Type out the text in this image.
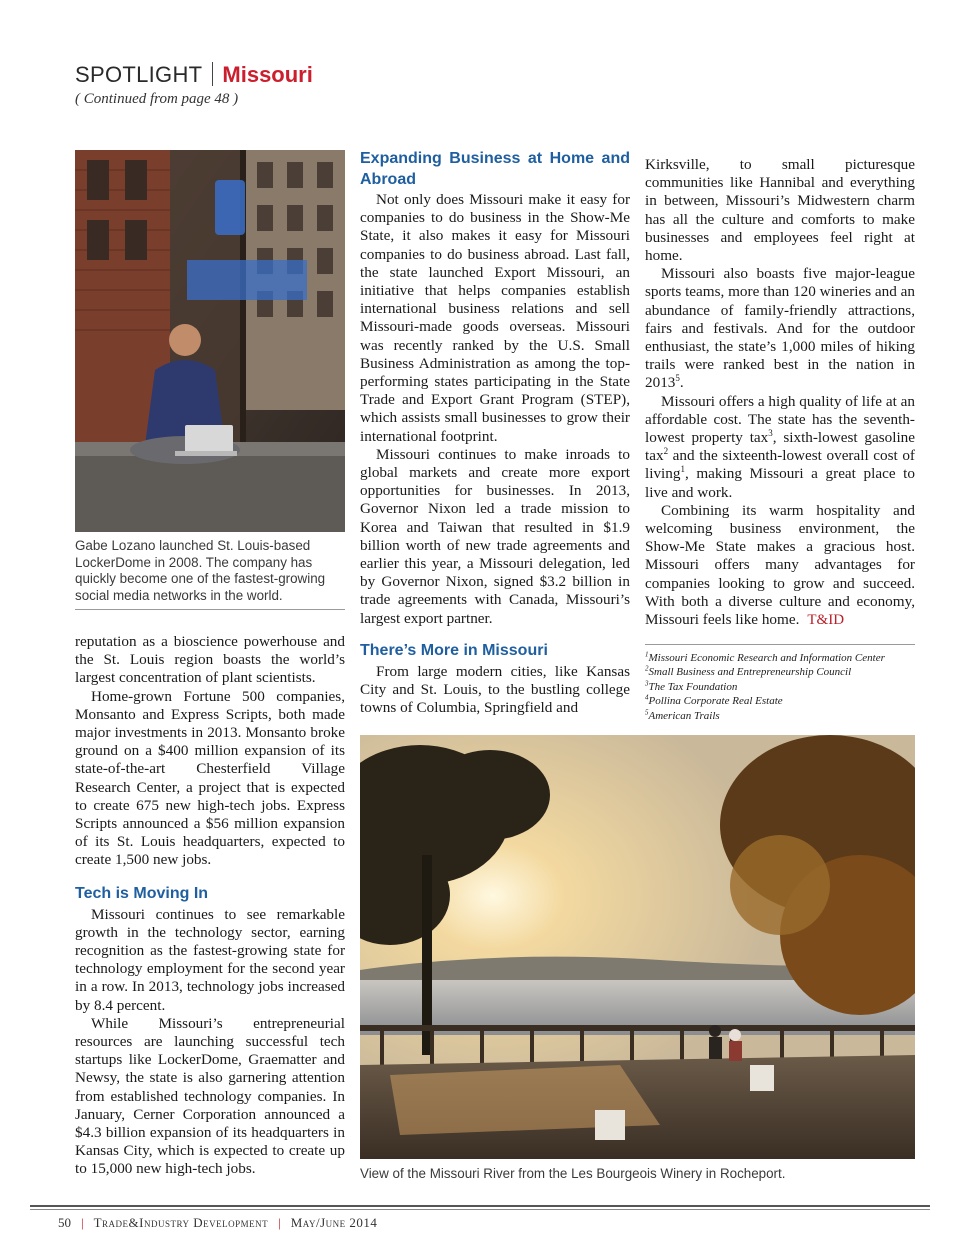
SPOTLIGHT Missouri
( Continued from page 48 )
Gabe Lozano launched St. Louis-based LockerDome in 2008. The company has quickly become one of the fastest-growing social media networks in the world.

reputation as a bioscience powerhouse and the St. Louis region boasts the world’s largest concentration of plant scientists.

Home-grown Fortune 500 companies, Monsanto and Express Scripts, both made major investments in 2013. Monsanto broke ground on a $400 million expansion of its state-of-the-art Chesterfield Village Research Center, a project that is expected to create 675 new high-tech jobs. Express Scripts announced a $56 million expansion of its St. Louis headquarters, expected to create 1,500 new jobs.

Tech is Moving In

Missouri continues to see remarkable growth in the technology sector, earning recognition as the fastest-growing state for technology employment for the second year in a row. In 2013, technology jobs increased by 8.4 percent.

While Missouri’s entrepreneurial resources are launching successful tech startups like LockerDome, Graematter and Newsy, the state is also garnering attention from established technology companies. In January, Cerner Corporation announced a $4.3 billion expansion of its headquarters in Kansas City, which is expected to create up to 15,000 new high-tech jobs.

Expanding Business at Home and Abroad

Not only does Missouri make it easy for companies to do business in the Show-Me State, it also makes it easy for Missouri companies to do business abroad. Last fall, the state launched Export Missouri, an initiative that helps companies establish international business relations and sell Missouri-made goods overseas. Missouri was recently ranked by the U.S. Small Business Administration as among the top-performing states participating in the State Trade and Export Grant Program (STEP), which assists small businesses to grow their international footprint.

Missouri continues to make inroads to global markets and create more export opportunities for businesses. In 2013, Governor Nixon led a trade mission to Korea and Taiwan that resulted in $1.9 billion worth of new trade agreements and earlier this year, a Missouri delegation, led by Governor Nixon, signed $3.2 billion in trade agreements with Canada, Missouri’s largest export partner.

There’s More in Missouri

From large modern cities, like Kansas City and St. Louis, to the bustling college towns of Columbia, Springfield and

Kirksville, to small picturesque communities like Hannibal and everything in between, Missouri’s Midwestern charm has all the culture and comforts to make businesses and employees feel right at home.

Missouri also boasts five major-league sports teams, more than 120 wineries and an abundance of family-friendly attractions, fairs and festivals. And for the outdoor enthusiast, the state’s 1,000 miles of hiking trails were ranked best in the nation in 2013$^5$.

Missouri offers a high quality of life at an affordable cost. The state has the seventh-lowest property tax$^3$, sixth-lowest gasoline tax$^2$ and the sixteenth-lowest overall cost of living$^1$, making Missouri a great place to live and work.

Combining its warm hospitality and welcoming business environment, the Show-Me State makes a gracious host. Missouri offers many advantages for companies looking to grow and succeed. With both a diverse culture and economy, Missouri feels like home. T&ID

$^1$Missouri Economic Research and Information Center
$^2$Small Business and Entrepreneurship Council
$^3$The Tax Foundation
$^4$Pollina Corporate Real Estate
$^5$American Trails
View of the Missouri River from the Les Bourgeois Winery in Rocheport.
50 | Trade&Industry Development | May/June 2014
